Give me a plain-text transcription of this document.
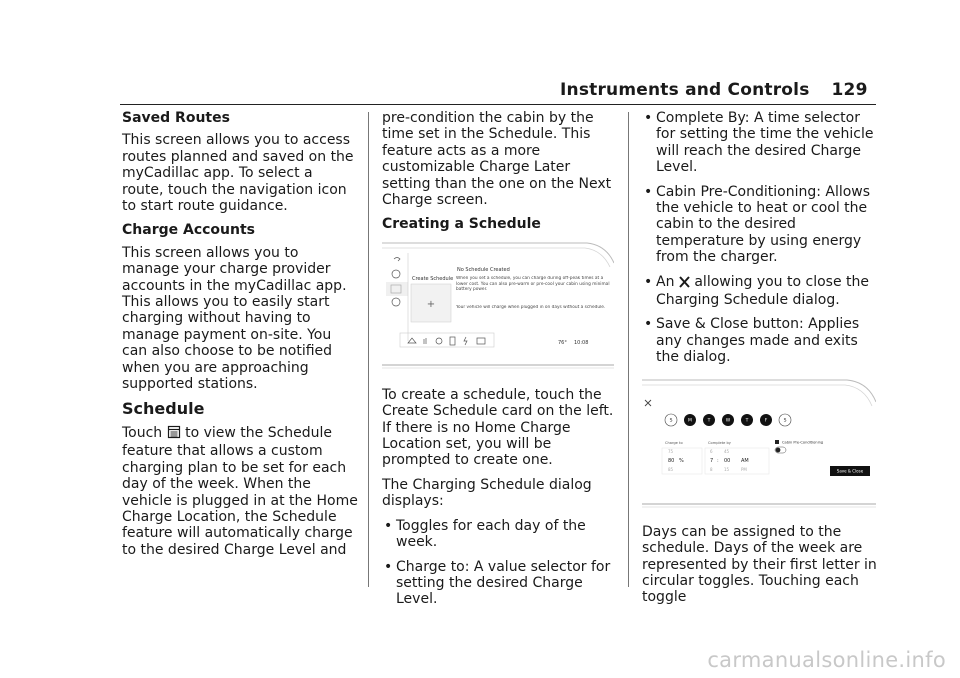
Instruments and Controls 129
Saved Routes

This screen allows you to access routes planned and saved on the myCadillac app. To select a route, touch the navigation icon to start route guidance.

Charge Accounts

This screen allows you to manage your charge provider accounts in the myCadillac app. This allows you to easily start charging without having to manage payment on-site. You can also choose to be notified when you are approaching supported stations.

Schedule

Touch  to view the Schedule feature that allows a custom charging plan to be set for each day of the week. When the vehicle is plugged in at the Home Charge Location, the Schedule feature will automatically charge to the desired Charge Level and

pre-condition the cabin by the time set in the Schedule. This feature acts as a more customizable Charge Later setting than the one on the Next Charge screen.

Creating a Schedule
Create Schedule
+
No Schedule Created
When you set a schedule, you can charge during off-peak times at a lower cost. You can also pre-warm or pre-cool your cabin using minimal battery power.
Your vehicle will charge when plugged in on days without a schedule.
76° 10:08

To create a schedule, touch the Create Schedule card on the left. If there is no Home Charge Location set, you will be prompted to create one.

The Charging Schedule dialog displays:

• Toggles for each day of the week.
• Charge to: A value selector for setting the desired Charge Level.
• Complete By: A time selector for setting the time the vehicle will reach the desired Charge Level.
• Cabin Pre-Conditioning: Allows the vehicle to heat or cool the cabin to the desired temperature by using energy from the charger.
• An  allowing you to close the Charging Schedule dialog.
• Save & Close button: Applies any changes made and exits the dialog.
S	M	T	W	T	F	S
Charge to
75
80 %
85
Complete by
6
7
8
:
45
00
15
AM
PM
Cabin Pre-Conditioning
Save & Close

Days can be assigned to the schedule. Days of the week are represented by their first letter in circular toggles. Touching each toggle

carmanualsonline.info
